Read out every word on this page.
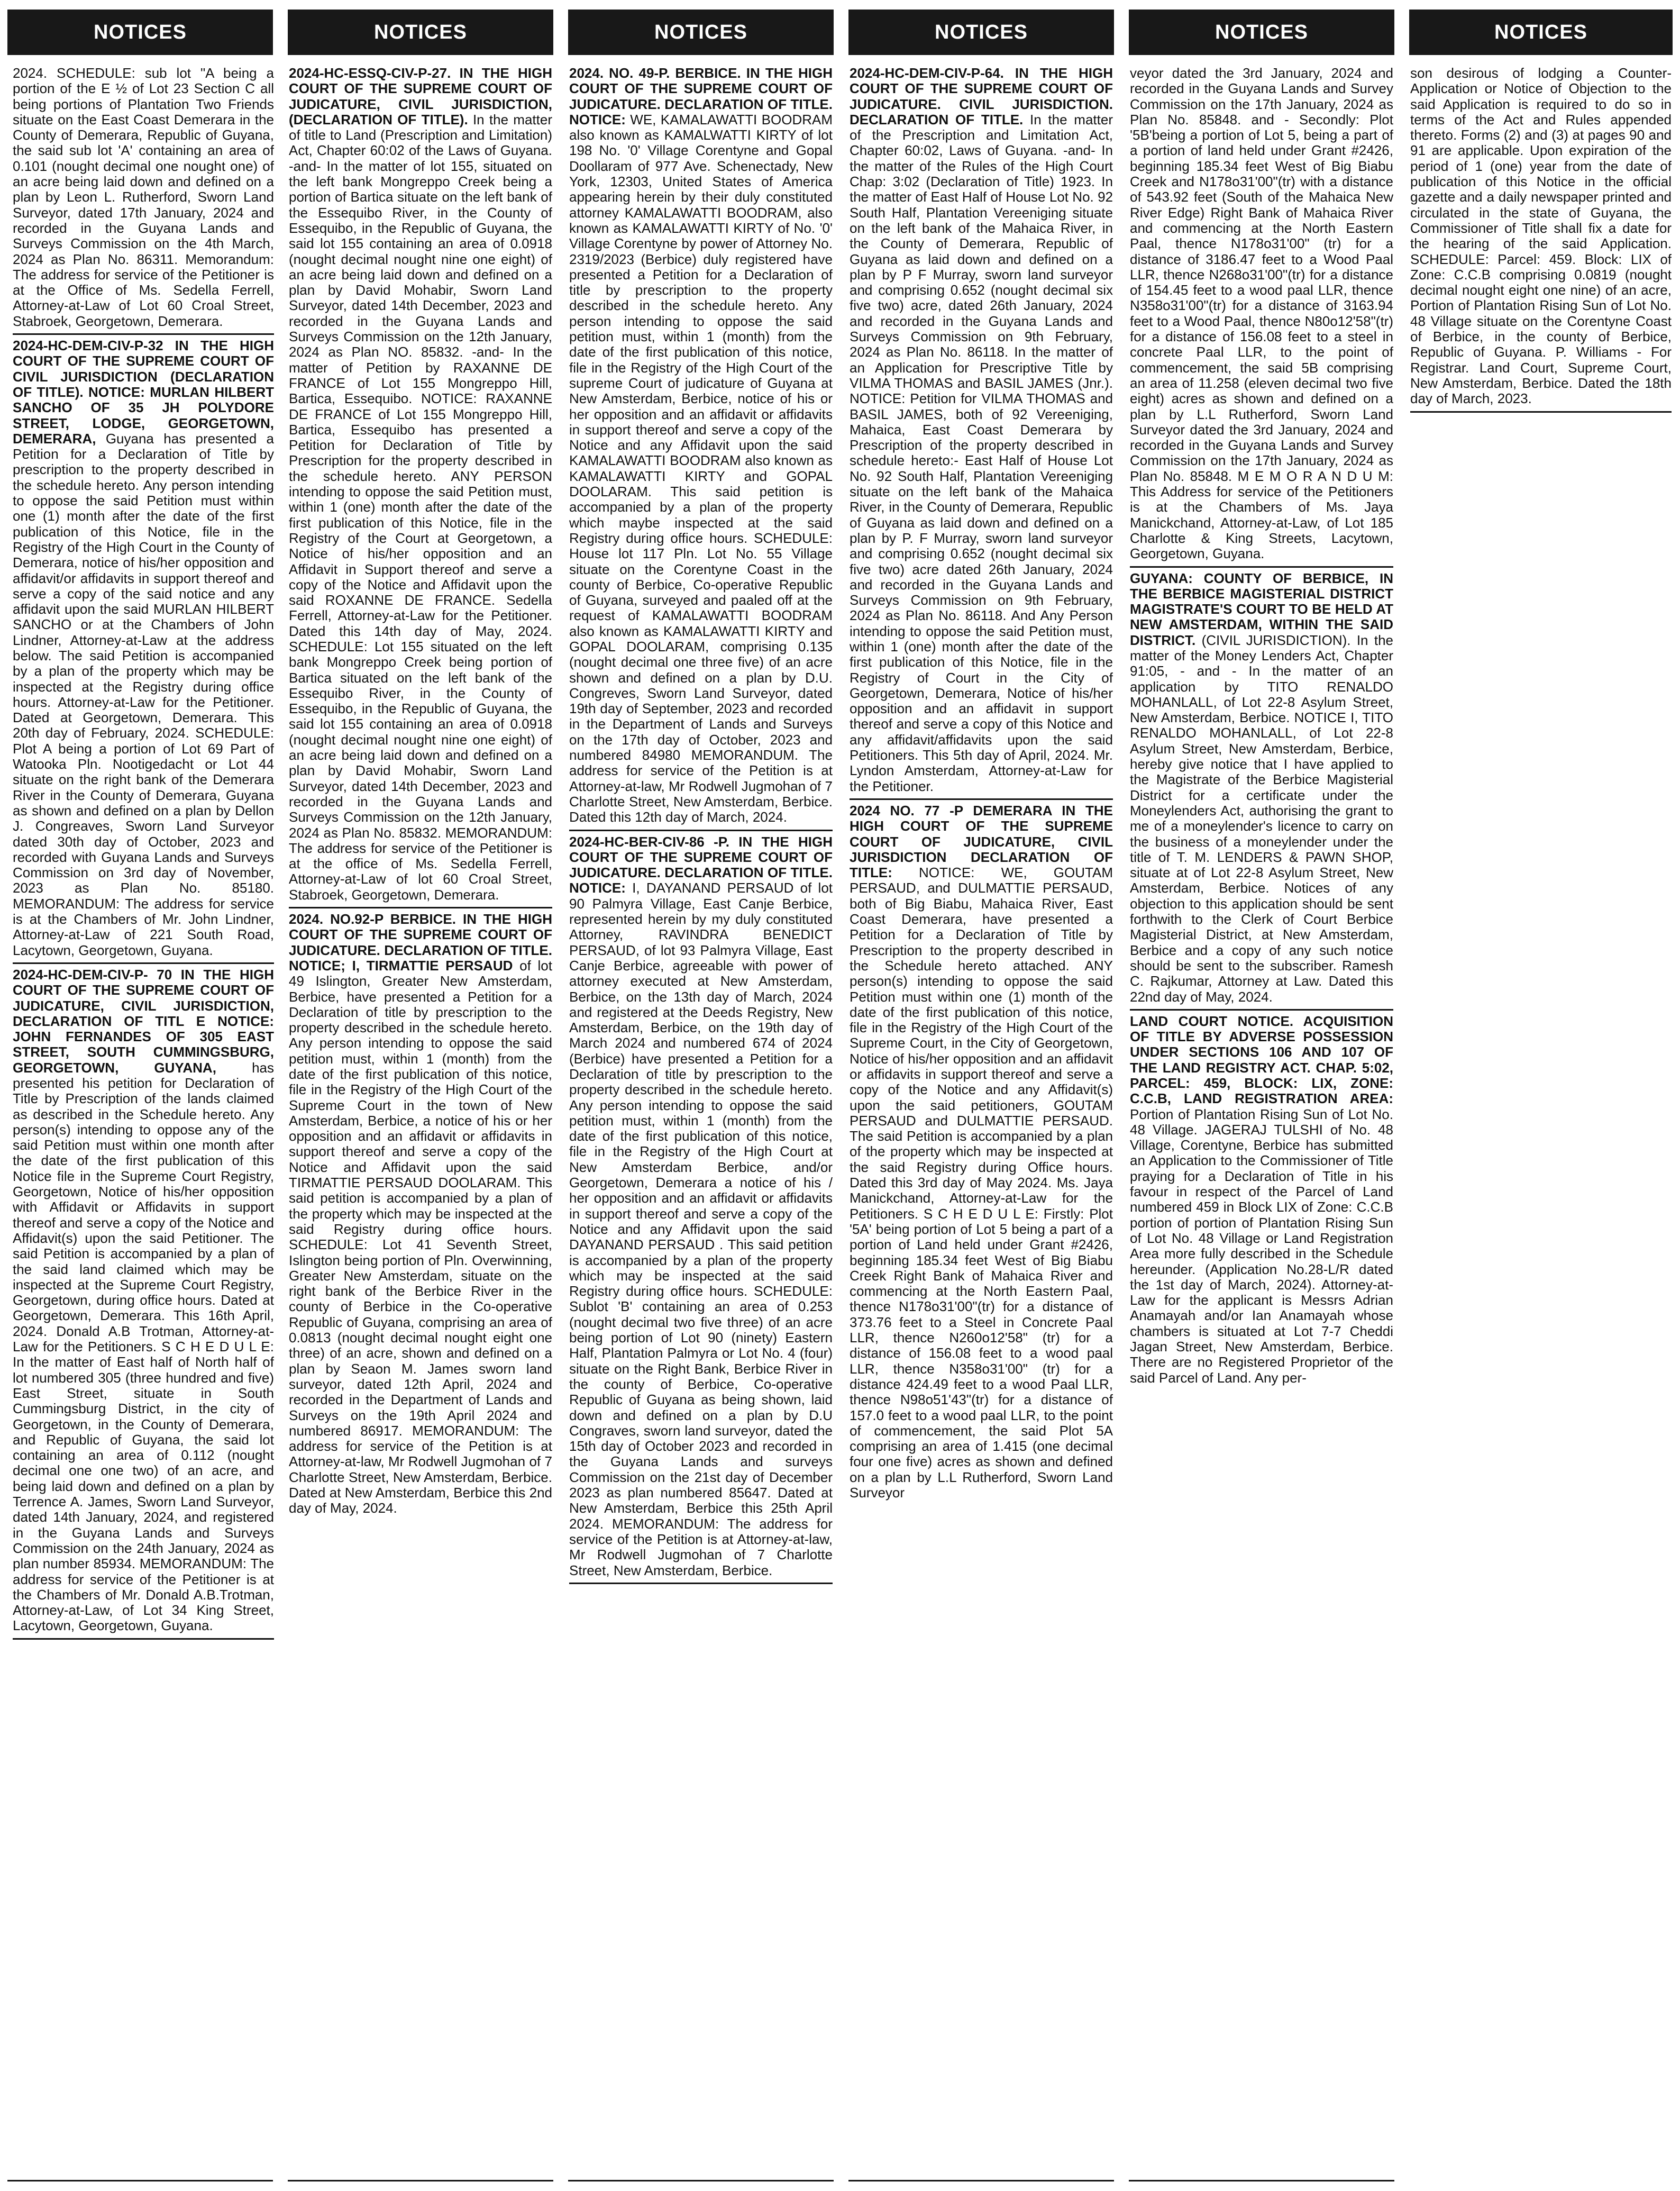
NOTICES

2024. SCHEDULE: sub lot "A being a portion of the E ½ of Lot 23 Section C all being portions of Plantation Two Friends situate on the East Coast Demerara in the County of Demerara, Republic of Guyana, the said sub lot 'A' containing an area of 0.101 (nought decimal one nought one) of an acre being laid down and defined on a plan by Leon L. Rutherford, Sworn Land Surveyor, dated 17th January, 2024 and recorded in the Guyana Lands and Surveys Commission on the 4th March, 2024 as Plan No. 86311. Memorandum: The address for service of the Petitioner is at the Office of Ms. Sedella Ferrell, Attorney-at-Law of Lot 60 Croal Street, Stabroek, Georgetown, Demerara.

2024-HC-DEM-CIV-P-32 IN THE HIGH COURT OF THE SUPREME COURT OF CIVIL JURISDICTION (DECLARATION OF TITLE). NOTICE: MURLAN HILBERT SANCHO OF 35 JH POLYDORE STREET, LODGE, GEORGETOWN, DEMERARA, Guyana has presented a Petition for a Declaration of Title by prescription to the property described in the schedule hereto. Any person intending to oppose the said Petition must within one (1) month after the date of the first publication of this Notice, file in the Registry of the High Court in the County of Demerara, notice of his/her opposition and affidavit/or affidavits in support thereof and serve a copy of the said notice and any affidavit upon the said MURLAN HILBERT SANCHO or at the Chambers of John Lindner, Attorney-at-Law at the address below. The said Petition is accompanied by a plan of the property which may be inspected at the Registry during office hours. Attorney-at-Law for the Petitioner. Dated at Georgetown, Demerara. This 20th day of February, 2024. SCHEDULE: Plot A being a portion of Lot 69 Part of Watooka Pln. Nootigedacht or Lot 44 situate on the right bank of the Demerara River in the County of Demerara, Guyana as shown and defined on a plan by Dellon J. Congreaves, Sworn Land Surveyor dated 30th day of October, 2023 and recorded with Guyana Lands and Surveys Commission on 3rd day of November, 2023 as Plan No. 85180. MEMORANDUM: The address for service is at the Chambers of Mr. John Lindner, Attorney-at-Law of 221 South Road, Lacytown, Georgetown, Guyana.

2024-HC-DEM-CIV-P- 70 IN THE HIGH COURT OF THE SUPREME COURT OF JUDICATURE, CIVIL JURISDICTION, DECLARATION OF TITL E NOTICE: JOHN FERNANDES OF 305 EAST STREET, SOUTH CUMMINGSBURG, GEORGETOWN, GUYANA,	has presented his petition for Declaration of Title by Prescription of the lands claimed as described in the Schedule hereto. Any person(s) intending to oppose any of the said Petition must within one month after the date of the first publication of this Notice file in the Supreme Court Registry, Georgetown, Notice of his/her opposition with Affidavit or Affidavits in support thereof and serve a copy of the Notice and Affidavit(s) upon the said Petitioner. The said Petition is accompanied by a plan of the said land claimed which may be inspected at the Supreme Court Registry, Georgetown, during office hours. Dated at Georgetown, Demerara. This 16th April, 2024. Donald A.B Trotman, Attorney-at-Law for the Petitioners. S C H E D U L E: In the matter of East half of North half of lot numbered 305 (three hundred and five) East Street, situate in South Cummingsburg District, in the city of Georgetown, in the County of Demerara, and Republic of Guyana, the said lot containing an area of 0.112 (nought decimal one one two) of an acre, and being laid down and defined on a plan by Terrence A. James, Sworn Land Surveyor, dated 14th January, 2024, and registered in the Guyana Lands and Surveys Commission on the 24th January, 2024 as plan number 85934. MEMORANDUM: The address for service of the Petitioner is at the Chambers of Mr. Donald A.B.Trotman, Attorney-at-Law, of Lot 34 King Street, Lacytown, Georgetown, Guyana.

NOTICES

2024-HC-ESSQ-CIV-P-27. IN THE HIGH COURT OF THE SUPREME COURT OF JUDICATURE, CIVIL JURISDICTION, (DECLARATION OF TITLE). In the matter of title to Land (Prescription and Limitation) Act, Chapter 60:02 of the Laws of Guyana. -and- In the matter of lot 155, situated on the left bank Mongreppo Creek being a portion of Bartica situate on the left bank of the Essequibo River, in the County of Essequibo, in the Republic of Guyana, the said lot 155 containing an area of 0.0918 (nought decimal nought nine one eight) of an acre being laid down and defined on a plan by David Mohabir, Sworn Land Surveyor, dated 14th December, 2023 and recorded in the Guyana Lands and Surveys Commission on the 12th January, 2024 as Plan NO. 85832. -and- In the matter of Petition by RAXANNE DE FRANCE of Lot 155 Mongreppo Hill, Bartica, Essequibo. NOTICE: RAXANNE DE FRANCE of Lot 155 Mongreppo Hill, Bartica, Essequibo has presented a Petition for Declaration of Title by Prescription for the property described in the schedule hereto. ANY PERSON intending to oppose the said Petition must, within 1 (one) month after the date of the first publication of this Notice, file in the Registry of the Court at Georgetown, a Notice of his/her opposition and an Affidavit in Support thereof and serve a copy of the Notice and Affidavit upon the said ROXANNE DE FRANCE. Sedella Ferrell, Attorney-at-Law for the Petitioner. Dated this 14th day of May, 2024. SCHEDULE: Lot 155 situated on the left bank Mongreppo Creek being portion of Bartica situated on the left bank of the Essequibo River, in the County of Essequibo, in the Republic of Guyana, the said lot 155 containing an area of 0.0918 (nought decimal nought nine one eight) of an acre being laid down and defined on a plan by David Mohabir, Sworn Land Surveyor, dated 14th December, 2023 and recorded in the Guyana Lands and Surveys Commission on the 12th January, 2024 as Plan No. 85832. MEMORANDUM: The address for service of the Petitioner is at the office of Ms. Sedella Ferrell, Attorney-at-Law of lot 60 Croal Street, Stabroek, Georgetown, Demerara.

2024. NO.92-P BERBICE. IN THE HIGH COURT OF THE SUPREME COURT OF JUDICATURE. DECLARATION OF TITLE. NOTICE; I, TIRMATTIE PERSAUD of lot 49 Islington, Greater New Amsterdam, Berbice, have presented a Petition for a Declaration of title by prescription to the property described in the schedule hereto. Any person intending to oppose the said petition must, within 1 (month) from the date of the first publication of this notice, file in the Registry of the High Court of the Supreme Court in the town of New Amsterdam, Berbice, a notice of his or her opposition and an affidavit or affidavits in support thereof and serve a copy of the Notice and Affidavit upon the said TIRMATTIE PERSAUD DOOLARAM. This said petition is accompanied by a plan of the property which may be inspected at the said Registry during office hours. SCHEDULE: Lot 41 Seventh Street, Islington being portion of Pln. Overwinning, Greater New Amsterdam, situate on the right bank of the Berbice River in the county of Berbice in the Co-operative Republic of Guyana, comprising an area of 0.0813 (nought decimal nought eight one three) of an acre, shown and defined on a plan by Seaon M. James sworn land surveyor, dated 12th April, 2024 and recorded in the Department of Lands and Surveys on the 19th April 2024 and numbered 86917. MEMORANDUM: The address for service of the Petition is at Attorney-at-law, Mr Rodwell Jugmohan of 7 Charlotte Street, New Amsterdam, Berbice. Dated at New Amsterdam, Berbice this 2nd day of May, 2024.

NOTICES

2024. NO. 49-P. BERBICE. IN THE HIGH COURT OF THE SUPREME COURT OF JUDICATURE. DECLARATION OF TITLE. NOTICE: WE, KAMALAWATTI BOODRAM also known as KAMALWATTI KIRTY of lot 198 No. '0' Village Corentyne and Gopal Doollaram of 977 Ave. Schenectady, New York, 12303, United States of America appearing herein by their duly constituted attorney KAMALAWATTI BOODRAM, also known as KAMALAWATTI KIRTY of No. '0' Village Corentyne by power of Attorney No. 2319/2023 (Berbice) duly registered have presented a Petition for a Declaration of title by prescription to the property described in the schedule hereto. Any person intending to oppose the said petition must, within 1 (month) from the date of the first publication of this notice, file in the Registry of the High Court of the supreme Court of judicature of Guyana at New Amsterdam, Berbice, notice of his or her opposition and an affidavit or affidavits in support thereof and serve a copy of the Notice and any Affidavit upon the said KAMALAWATTI BOODRAM also known as KAMALAWATTI KIRTY and GOPAL DOOLARAM. This said petition is accompanied by a plan of the property which maybe inspected at the said Registry during office hours. SCHEDULE: House lot 117 Pln. Lot No. 55 Village situate on the Corentyne Coast in the county of Berbice, Co-operative Republic of Guyana, surveyed and paaled off at the request of KAMALAWATTI BOODRAM also known as KAMALAWATTI KIRTY and GOPAL DOOLARAM, comprising 0.135 (nought decimal one three five) of an acre shown and defined on a plan by D.U. Congreves, Sworn Land Surveyor, dated 19th day of September, 2023 and recorded in the Department of Lands and Surveys on the 17th day of October, 2023 and numbered 84980 MEMORANDUM. The address for service of the Petition is at Attorney-at-law, Mr Rodwell Jugmohan of 7 Charlotte Street, New Amsterdam, Berbice. Dated this 12th day of March, 2024.

2024-HC-BER-CIV-86 -P. IN THE HIGH COURT OF THE SUPREME COURT OF JUDICATURE. DECLARATION OF TITLE. NOTICE: I, DAYANAND PERSAUD of lot 90 Palmyra Village, East Canje Berbice, represented herein by my duly constituted Attorney, RAVINDRA BENEDICT PERSAUD, of lot 93 Palmyra Village, East Canje Berbice, agreeable with power of attorney executed at New Amsterdam, Berbice, on the 13th day of March, 2024 and registered at the Deeds Registry, New Amsterdam, Berbice, on the 19th day of March 2024 and numbered 674 of 2024 (Berbice) have presented a Petition for a Declaration of title by prescription to the property described in the schedule hereto. Any person intending to oppose the said petition must, within 1 (month) from the date of the first publication of this notice, file in the Registry of the High Court at New Amsterdam Berbice, and/or Georgetown, Demerara a notice of his / her opposition and an affidavit or affidavits in support thereof and serve a copy of the Notice and any Affidavit upon the said DAYANAND PERSAUD . This said petition is accompanied by a plan of the property which may be inspected at the said Registry during office hours. SCHEDULE: Sublot 'B' containing an area of 0.253 (nought decimal two five three) of an acre being portion of Lot 90 (ninety) Eastern Half, Plantation Palmyra or Lot No. 4 (four) situate on the Right Bank, Berbice River in the county of Berbice, Co-operative Republic of Guyana as being shown, laid down and defined on a plan by D.U Congraves, sworn land surveyor, dated the 15th day of October 2023 and recorded in the Guyana Lands and surveys Commission on the 21st day of December 2023 as plan numbered 85647. Dated at New Amsterdam, Berbice this 25th April 2024. MEMORANDUM: The address for service of the Petition is at Attorney-at-law, Mr Rodwell Jugmohan of 7 Charlotte Street, New Amsterdam, Berbice.

NOTICES

2024-HC-DEM-CIV-P-64. IN THE HIGH COURT OF THE SUPREME COURT OF JUDICATURE. CIVIL JURISDICTION. DECLARATION OF TITLE. In the matter of the Prescription and Limitation Act, Chapter 60:02, Laws of Guyana. -and- In the matter of the Rules of the High Court Chap: 3:02 (Declaration of Title) 1923. In the matter of East Half of House Lot No. 92 South Half, Plantation Vereeniging situate on the left bank of the Mahaica River, in the County of Demerara, Republic of Guyana as laid down and defined on a plan by P F Murray, sworn land surveyor and comprising 0.652 (nought decimal six five two) acre, dated 26th January, 2024 and recorded in the Guyana Lands and Surveys Commission on 9th February, 2024 as Plan No. 86118. In the matter of an Application for Prescriptive Title by VILMA THOMAS and BASIL JAMES (Jnr.). NOTICE: Petition for VILMA THOMAS and BASIL JAMES, both of 92 Vereeniging, Mahaica, East Coast Demerara by Prescription of the property described in schedule hereto:- East Half of House Lot No. 92 South Half, Plantation Vereeniging situate on the left bank of the Mahaica River, in the County of Demerara, Republic of Guyana as laid down and defined on a plan by P. F Murray, sworn land surveyor and comprising 0.652 (nought decimal six five two) acre dated 26th January, 2024 and recorded in the Guyana Lands and Surveys Commission on 9th February, 2024 as Plan No. 86118. And Any Person intending to oppose the said Petition must, within 1 (one) month after the date of the first publication of this Notice, file in the Registry of Court in the City of Georgetown, Demerara, Notice of his/her opposition and an affidavit in support thereof and serve a copy of this Notice and any affidavit/affidavits upon the said Petitioners. This 5th day of April, 2024. Mr. Lyndon Amsterdam, Attorney-at-Law for the Petitioner.

2024 NO. 77 -P DEMERARA IN THE HIGH COURT OF THE SUPREME COURT OF JUDICATURE, CIVIL JURISDICTION DECLARATION OF TITLE: NOTICE: WE, GOUTAM PERSAUD, and DULMATTIE PERSAUD, both of Big Biabu, Mahaica River, East Coast Demerara, have presented a Petition for a Declaration of Title by Prescription to the property described in the Schedule hereto attached. ANY person(s) intending to oppose the said Petition must within one (1) month of the date of the first publication of this notice, file in the Registry of the High Court of the Supreme Court, in the City of Georgetown, Notice of his/her opposition and an affidavit or affidavits in support thereof and serve a copy of the Notice and any Affidavit(s) upon the said petitioners, GOUTAM PERSAUD and DULMATTIE PERSAUD. The said Petition is accompanied by a plan of the property which may be inspected at the said Registry during Office hours. Dated this 3rd day of May 2024. Ms. Jaya Manickchand, Attorney-at-Law for the Petitioners. S C H E D U L E: Firstly: Plot '5A' being portion of Lot 5 being a part of a portion of Land held under Grant #2426, beginning 185.34 feet West of Big Biabu Creek Right Bank of Mahaica River and commencing at the North Eastern Paal, thence N178o31'00"(tr) for a distance of 373.76 feet to a Steel in Concrete Paal LLR, thence N260o12'58" (tr) for a distance of 156.08 feet to a wood paal LLR, thence N358o31'00" (tr) for a distance 424.49 feet to a wood Paal LLR, thence N98o51'43"(tr) for a distance of 157.0 feet to a wood paal LLR, to the point of commencement, the said Plot 5A comprising an area of 1.415 (one decimal four one five) acres as shown and defined on a plan by L.L Rutherford, Sworn Land Surveyor

NOTICES

veyor dated the 3rd January, 2024 and recorded in the Guyana Lands and Survey Commission on the 17th January, 2024 as Plan No. 85848. and - Secondly: Plot '5B'being a portion of Lot 5, being a part of a portion of land held under Grant #2426, beginning 185.34 feet West of Big Biabu Creek and N178o31'00"(tr) with a distance of 543.92 feet (South of the Mahaica New River Edge) Right Bank of Mahaica River and commencing at the North Eastern Paal, thence N178o31'00" (tr) for a distance of 3186.47 feet to a Wood Paal LLR, thence N268o31'00"(tr) for a distance of 154.45 feet to a wood paal LLR, thence N358o31'00"(tr) for a distance of 3163.94 feet to a Wood Paal, thence N80o12'58"(tr) for a distance of 156.08 feet to a steel in concrete Paal LLR, to the point of commencement, the said 5B comprising an area of 11.258 (eleven decimal two five eight) acres as shown and defined on a plan by L.L Rutherford, Sworn Land Surveyor dated the 3rd January, 2024 and recorded in the Guyana Lands and Survey Commission on the 17th January, 2024 as Plan No. 85848. M E M O R A N D U M: This Address for service of the Petitioners is at the Chambers of Ms. Jaya Manickchand, Attorney-at-Law, of Lot 185 Charlotte & King Streets, Lacytown, Georgetown, Guyana.

GUYANA: COUNTY OF BERBICE, IN THE BERBICE MAGISTERIAL DISTRICT MAGISTRATE'S COURT TO BE HELD AT NEW AMSTERDAM, WITHIN THE SAID DISTRICT. (CIVIL JURISDICTION). In the matter of the Money Lenders Act, Chapter 91:05, - and - In the matter of an application by TITO RENALDO MOHANLALL, of Lot 22-8 Asylum Street, New Amsterdam, Berbice. NOTICE I, TITO RENALDO MOHANLALL, of Lot 22-8 Asylum Street, New Amsterdam, Berbice, hereby give notice that I have applied to the Magistrate of the Berbice Magisterial District for a certificate under the Moneylenders Act, authorising the grant to me of a moneylender's licence to carry on the business of a moneylender under the title of T. M. LENDERS & PAWN SHOP, situate at of Lot 22-8 Asylum Street, New Amsterdam, Berbice. Notices of any objection to this application should be sent forthwith to the Clerk of Court Berbice Magisterial District, at New Amsterdam, Berbice and a copy of any such notice should be sent to the subscriber. Ramesh C. Rajkumar, Attorney at Law. Dated this 22nd day of May, 2024.

LAND COURT NOTICE. ACQUISITION OF TITLE BY ADVERSE POSSESSION UNDER SECTIONS 106 AND 107 OF THE LAND REGISTRY ACT. CHAP. 5:02, PARCEL: 459, BLOCK: LIX, ZONE: C.C.B, LAND REGISTRATION AREA: Portion of Plantation Rising Sun of Lot No. 48 Village. JAGERAJ TULSHI of No. 48 Village, Corentyne, Berbice has submitted an Application to the Commissioner of Title praying for a Declaration of Title in his favour in respect of the Parcel of Land numbered 459 in Block LIX of Zone: C.C.B portion of portion of Plantation Rising Sun of Lot No. 48 Village or Land Registration Area more fully described in the Schedule hereunder. (Application No.28-L/R dated the 1st day of March, 2024). Attorney-at-Law for the applicant is Messrs Adrian Anamayah and/or Ian Anamayah whose chambers is situated at Lot 7-7 Cheddi Jagan Street, New Amsterdam, Berbice. There are no Registered Proprietor of the said Parcel of Land. Any per-

NOTICES

son desirous of lodging a Counter-Application or Notice of Objection to the said Application is required to do so in terms of the Act and Rules appended thereto. Forms (2) and (3) at pages 90 and 91 are applicable. Upon expiration of the period of 1 (one) year from the date of publication of this Notice in the official gazette and a daily newspaper printed and circulated in the state of Guyana, the Commissioner of Title shall fix a date for the hearing of the said Application. SCHEDULE: Parcel: 459. Block: LIX of Zone: C.C.B comprising 0.0819 (nought decimal nought eight one nine) of an acre, Portion of Plantation Rising Sun of Lot No. 48 Village situate on the Corentyne Coast of Berbice, in the county of Berbice, Republic of Guyana. P. Williams - For Registrar. Land Court, Supreme Court, New Amsterdam, Berbice. Dated the 18th day of March, 2023.
